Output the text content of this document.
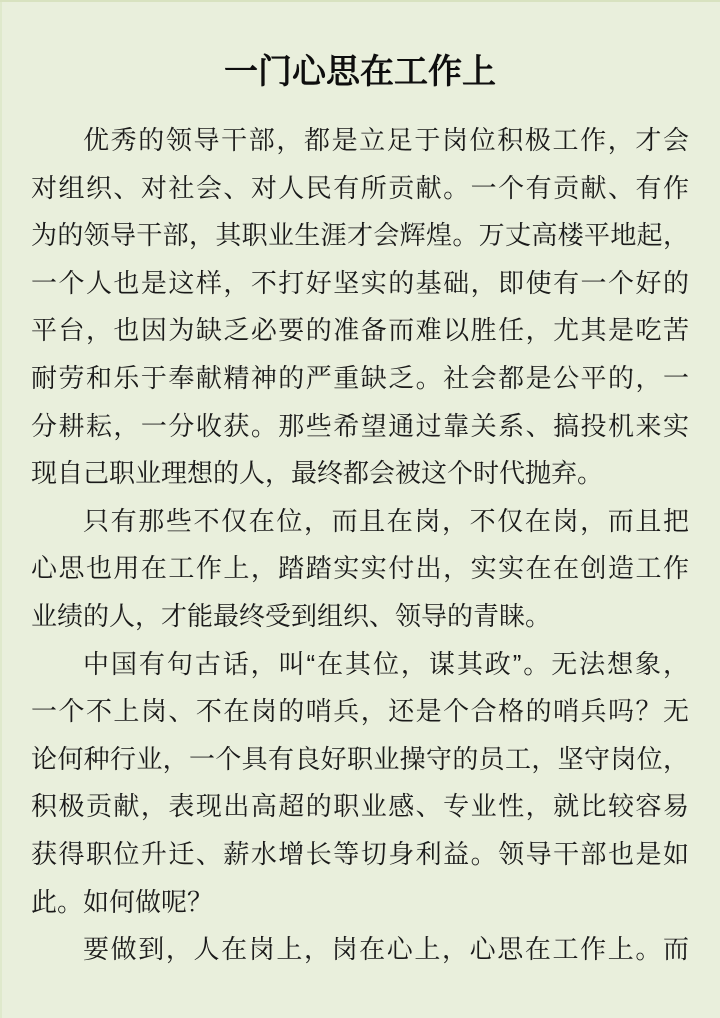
一门心思在工作上

优秀的领导干部，都是立足于岗位积极工作，才会
对组织、对社会、对人民有所贡献。一个有贡献、有作
为的领导干部，其职业生涯才会辉煌。万丈高楼平地起，
一个人也是这样，不打好坚实的基础，即使有一个好的
平台，也因为缺乏必要的准备而难以胜任，尤其是吃苦
耐劳和乐于奉献精神的严重缺乏。社会都是公平的，一
分耕耘，一分收获。那些希望通过靠关系、搞投机来实
现自己职业理想的人，最终都会被这个时代抛弃。

只有那些不仅在位，而且在岗，不仅在岗，而且把
心思也用在工作上，踏踏实实付出，实实在在创造工作
业绩的人，才能最终受到组织、领导的青睐。

中国有句古话，叫“在其位，谋其政”。无法想象，
一个不上岗、不在岗的哨兵，还是个合格的哨兵吗？无
论何种行业，一个具有良好职业操守的员工，坚守岗位，
积极贡献，表现出高超的职业感、专业性，就比较容易
获得职位升迁、薪水增长等切身利益。领导干部也是如
此。如何做呢？

要做到，人在岗上，岗在心上，心思在工作上。而
